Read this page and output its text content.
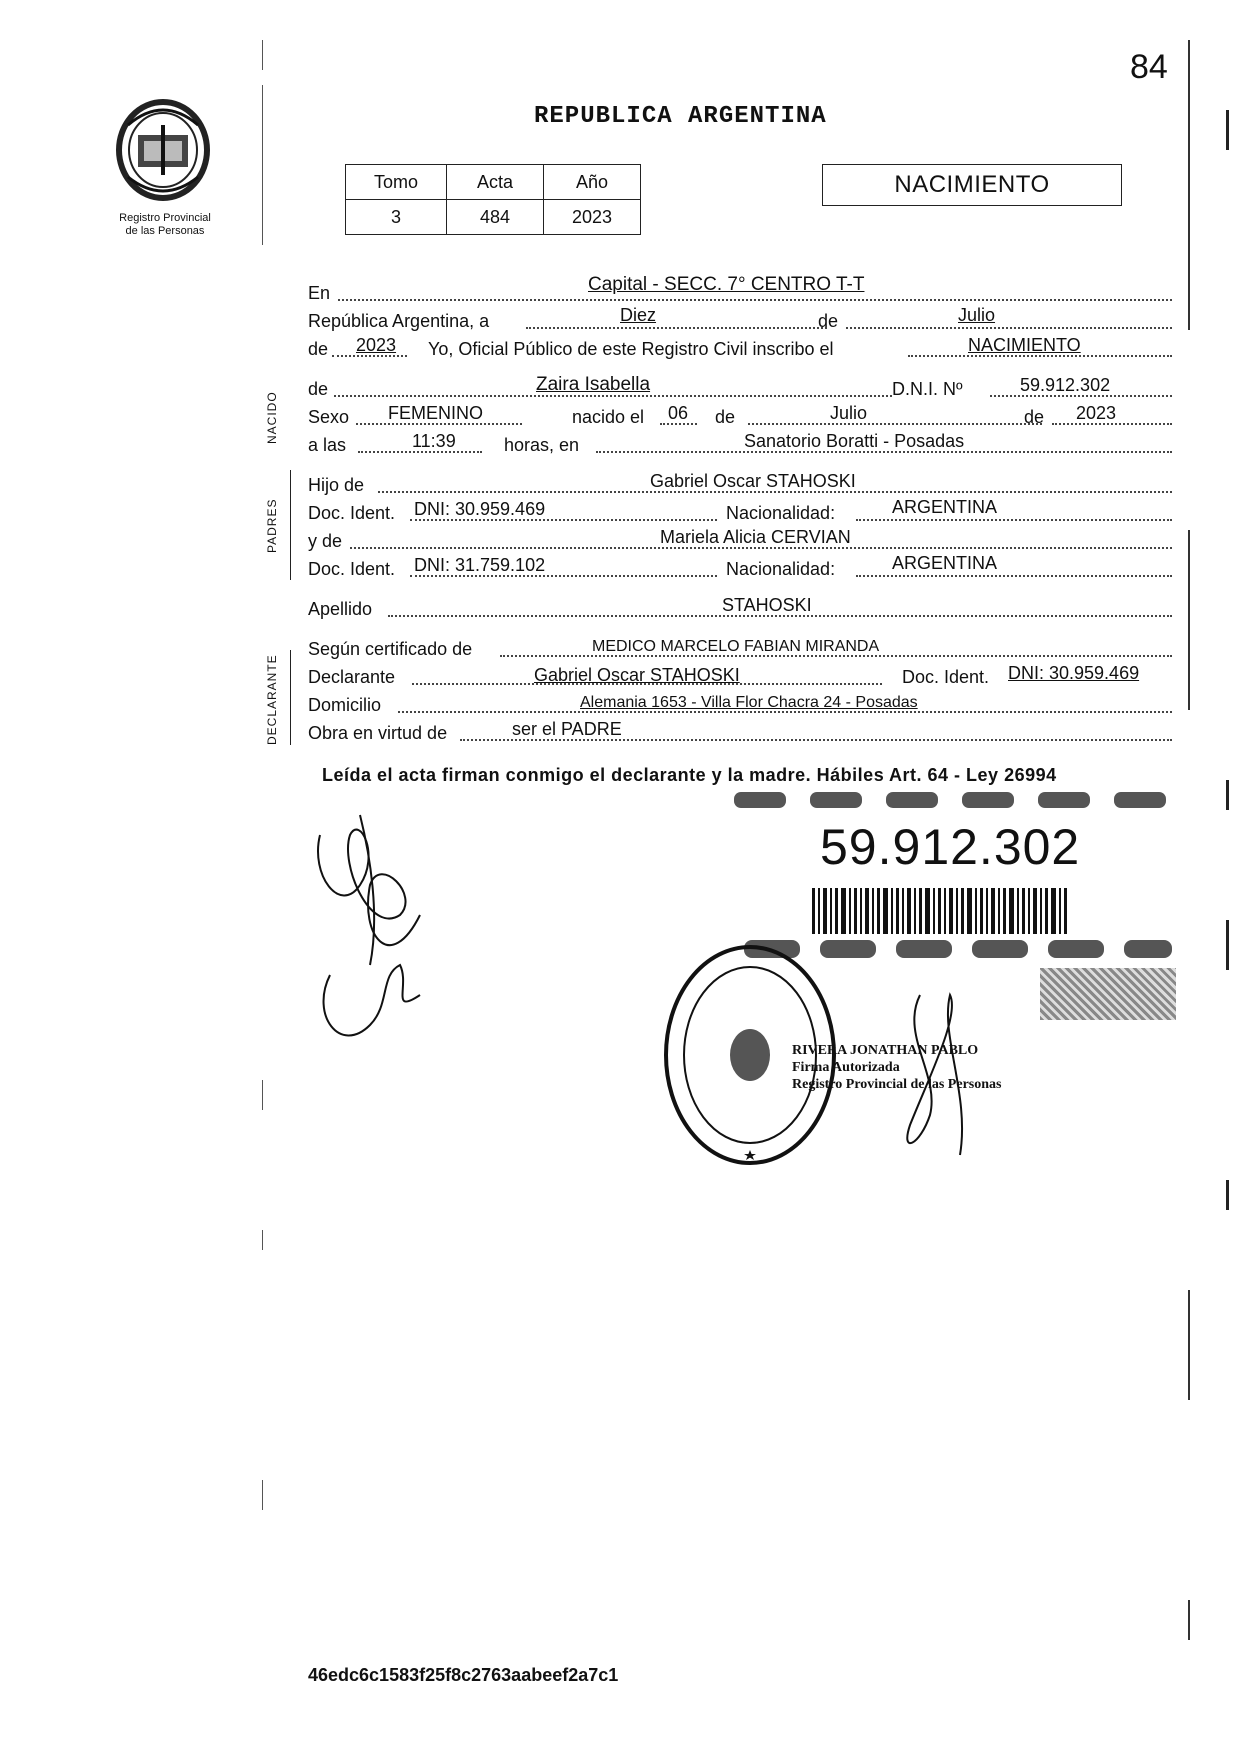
84
Registro Provincial
de las Personas
REPUBLICA ARGENTINA
Tomo	Acta	Año
3	484	2023
NACIMIENTO
NACIDO
PADRES
DECLARANTE
En	Capital - SECC. 7° CENTRO T-T
República Argentina, a	Diez	de	Julio
de 2023 Yo, Oficial Público de este Registro Civil inscribo el	NACIMIENTO
de	Zaira Isabella	D.N.I. Nº	59.912.302
Sexo FEMENINO	nacido el 06 de	Julio	de 2023
a las	11:39	horas, en	Sanatorio Boratti - Posadas
Hijo de	Gabriel Oscar STAHOSKI
Doc. Ident. DNI: 30.959.469	Nacionalidad:	ARGENTINA
y de	Mariela Alicia CERVIAN
Doc. Ident. DNI: 31.759.102	Nacionalidad:	ARGENTINA
Apellido	STAHOSKI
Según certificado de	MEDICO MARCELO FABIAN MIRANDA
Declarante	Gabriel Oscar STAHOSKI	Doc. Ident. DNI: 30.959.469
Domicilio	Alemania 1653 - Villa Flor Chacra 24 - Posadas
Obra en virtud de	ser el PADRE
Leída el acta firman conmigo el declarante y la madre. Hábiles Art. 64 - Ley 26994
59.912.302
RIVERA JONATHAN PABLO
Firma Autorizada
Registro Provincial de las Personas
46edc6c1583f25f8c2763aabeef2a7c1
